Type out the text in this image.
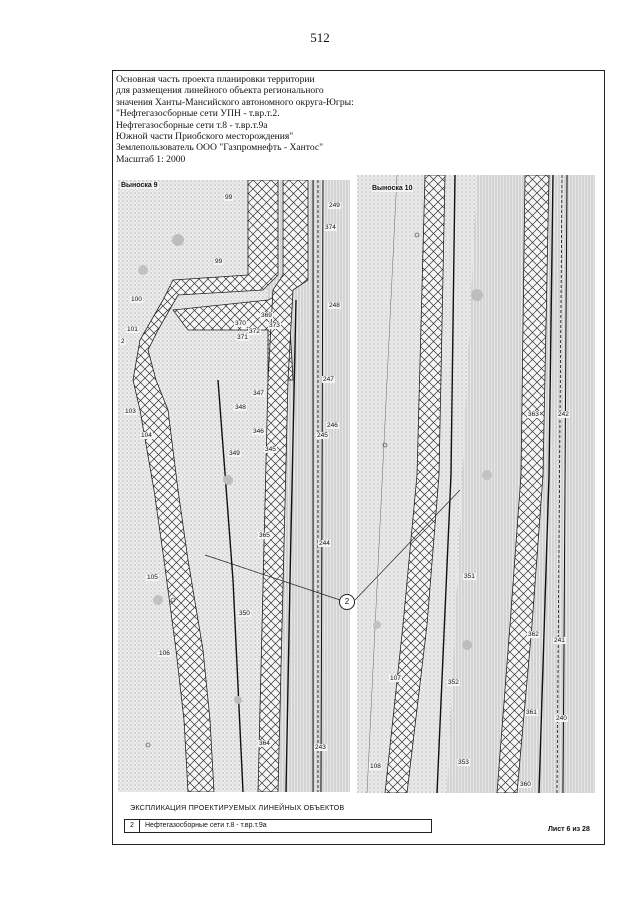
512
Основная часть проекта планировки территории
для размещения линейного объекта регионального
значения Ханты-Мансийского автономного округа-Югры:
"Нефтегазосборные сети УПН - т.вр.т.2.
Нефтегазосборные сети т.8 - т.вр.т.9а
Южной части Приобского месторождения"
Землепользователь ООО "Газпромнефть - Хантос"
Масштаб 1: 2000
Выноска 9
99
249
374
99
248
100
369
370	373
101	372
371
2
247
347
348
103
246
346
104	245
345
349
365
244
105
350
106
364
243
Выноска 10
363	242
351
362
241
107
352
361
240
108
353
360
2
ЭКСПЛИКАЦИЯ ПРОЕКТИРУЕМЫХ ЛИНЕЙНЫХ ОБЪЕКТОВ
2	Нефтегазосборные сети т.8 - т.вр.т.9а
Лист 6 из 28
